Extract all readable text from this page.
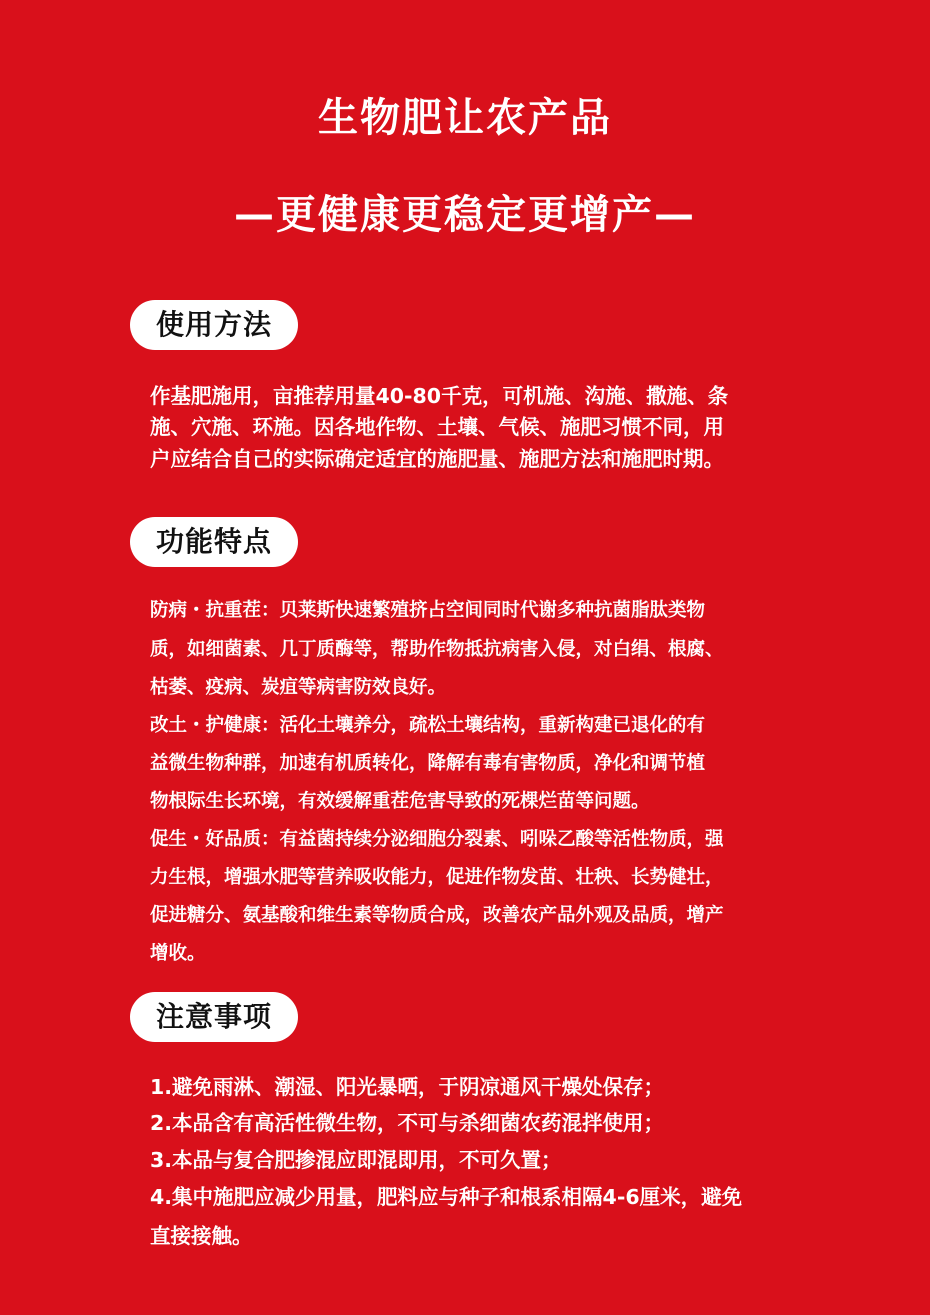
生物肥让农产品
—更健康更稳定更增产—
使用方法
作基肥施用，亩推荐用量40-80千克，可机施、沟施、撒施、条
施、穴施、环施。因各地作物、土壤、气候、施肥习惯不同，用
户应结合自己的实际确定适宜的施肥量、施肥方法和施肥时期。
功能特点
防病・抗重茬：贝莱斯快速繁殖挤占空间同时代谢多种抗菌脂肽类物
质，如细菌素、几丁质酶等，帮助作物抵抗病害入侵，对白绢、根腐、
枯萎、疫病、炭疽等病害防效良好。
改土・护健康：活化土壤养分，疏松土壤结构，重新构建已退化的有
益微生物种群，加速有机质转化，降解有毒有害物质，净化和调节植
物根际生长环境，有效缓解重茬危害导致的死棵烂苗等问题。
促生・好品质：有益菌持续分泌细胞分裂素、吲哚乙酸等活性物质，强
力生根，增强水肥等营养吸收能力，促进作物发苗、壮秧、长势健壮，
促进糖分、氨基酸和维生素等物质合成，改善农产品外观及品质，增产
增收。
注意事项
1.避免雨淋、潮湿、阳光暴晒，于阴凉通风干燥处保存；
2.本品含有高活性微生物，不可与杀细菌农药混拌使用；
3.本品与复合肥掺混应即混即用，不可久置；
4.集中施肥应减少用量，肥料应与种子和根系相隔4-6厘米，避免
直接接触。
